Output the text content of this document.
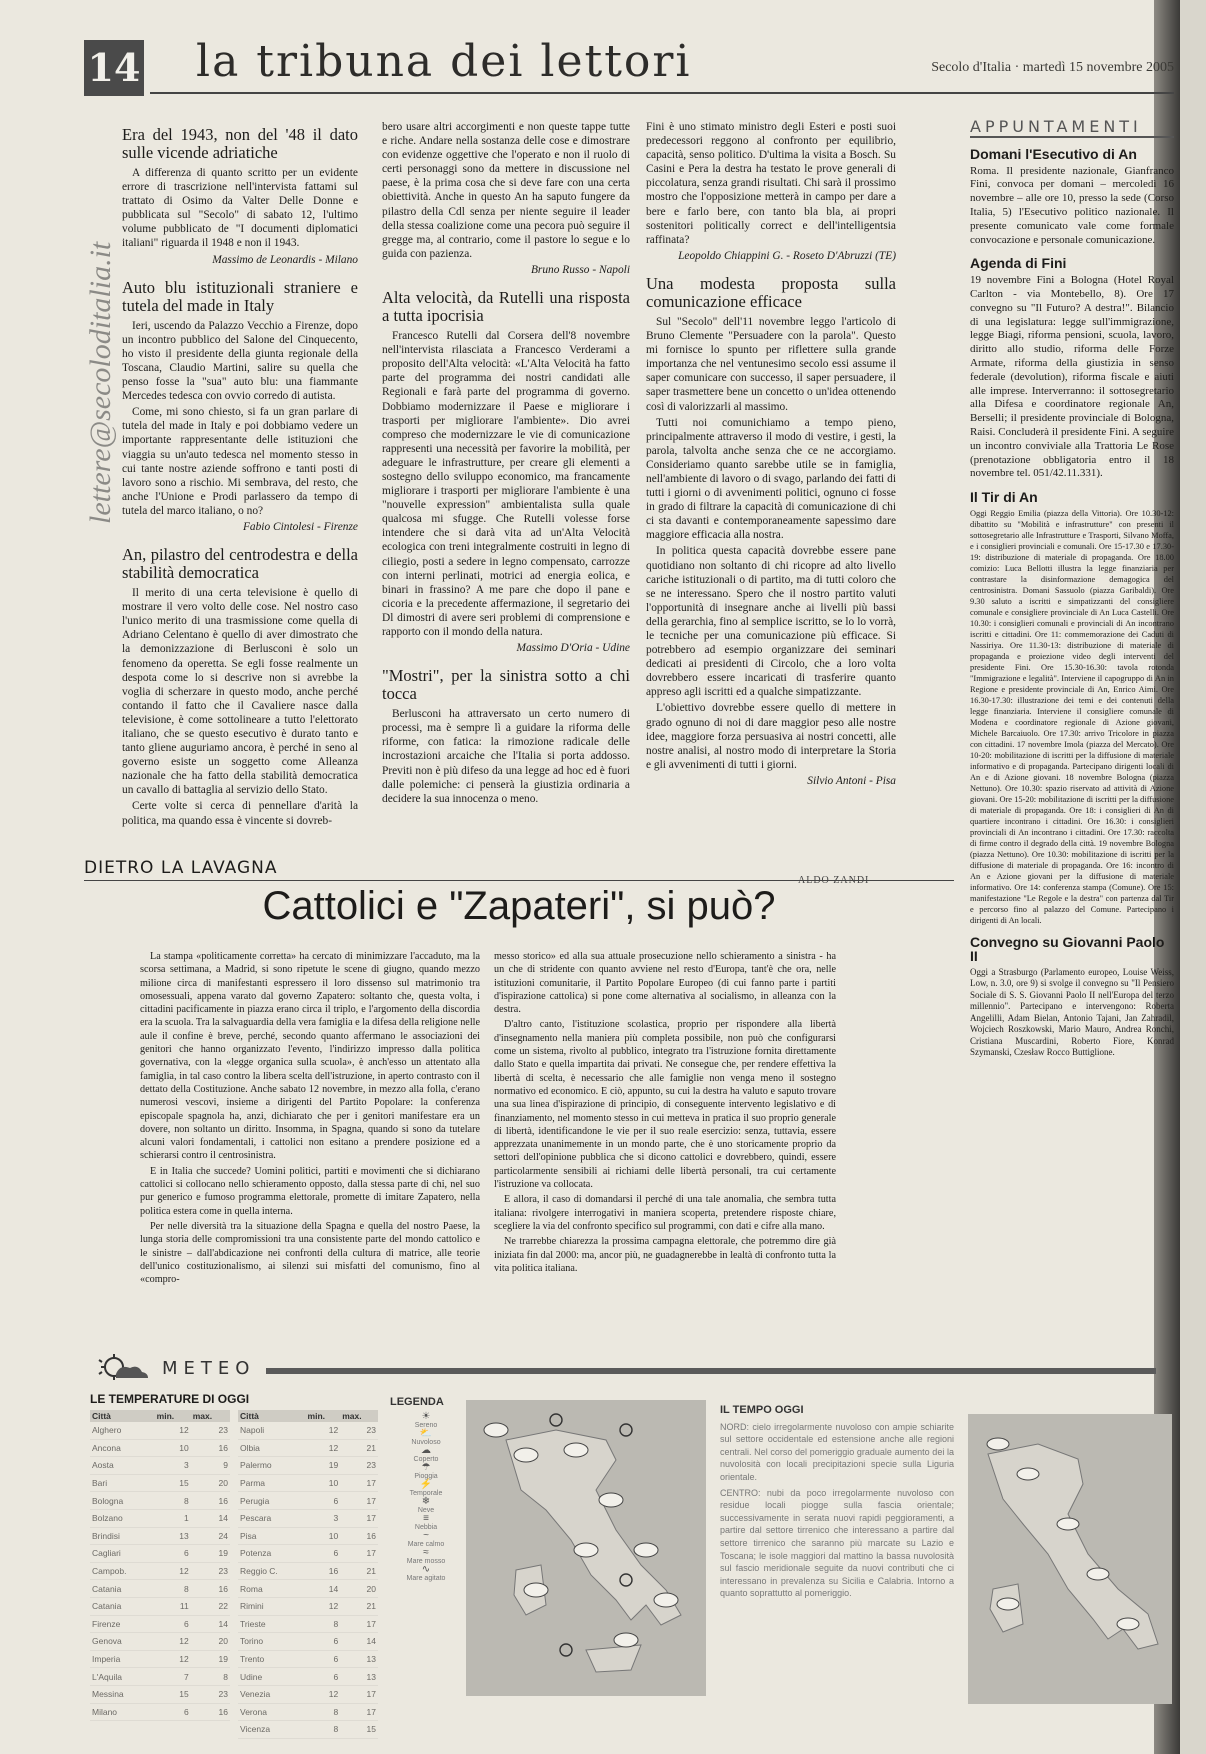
14 la tribuna dei lettori	Secolo d'Italia · martedì 15 novembre 2005
lettere@secoloditalia.it
Era del 1943, non del '48 il dato sulle vicende adriatiche

A differenza di quanto scritto per un evidente errore di trascrizione nell'intervista fattami sul trattato di Osimo da Valter Delle Donne e pubblicata sul "Secolo" di sabato 12, l'ultimo volume pubblicato de "I documenti diplomatici italiani" riguarda il 1948 e non il 1943.

Massimo de Leonardis - Milano
Auto blu istituzionali straniere e tutela del made in Italy

Ieri, uscendo da Palazzo Vecchio a Firenze, dopo un incontro pubblico del Salone del Cinquecento, ho visto il presidente della giunta regionale della Toscana, Claudio Martini, salire su quella che penso fosse la "sua" auto blu: una fiammante Mercedes tedesca con ovvio corredo di autista.

Come, mi sono chiesto, si fa un gran parlare di tutela del made in Italy e poi dobbiamo vedere un importante rappresentante delle istituzioni che viaggia su un'auto tedesca nel momento stesso in cui tante nostre aziende soffrono e tanti posti di lavoro sono a rischio. Mi sembrava, del resto, che anche l'Unione e Prodi parlassero da tempo di tutela del marco italiano, o no?

Fabio Cintolesi - Firenze
An, pilastro del centrodestra e della stabilità democratica

Il merito di una certa televisione è quello di mostrare il vero volto delle cose. Nel nostro caso l'unico merito di una trasmissione come quella di Adriano Celentano è quello di aver dimostrato che la demonizzazione di Berlusconi è solo un fenomeno da operetta. Se egli fosse realmente un despota come lo si descrive non si avrebbe la voglia di scherzare in questo modo, anche perché contando il fatto che il Cavaliere nasce dalla televisione, è come sottolineare a tutto l'elettorato italiano, che se questo esecutivo è durato tanto e tanto gliene auguriamo ancora, è perché in seno al governo esiste un soggetto come Alleanza nazionale che ha fatto della stabilità democratica un cavallo di battaglia al servizio dello Stato.

Certe volte si cerca di pennellare d'arità la politica, ma quando essa è vincente si dovreb-

bero usare altri accorgimenti e non queste tappe tutte e riche. Andare nella sostanza delle cose e dimostrare con evidenze oggettive che l'operato e non il ruolo di certi personaggi sono da mettere in discussione nel paese, è la prima cosa che si deve fare con una certa obiettività. Anche in questo An ha saputo fungere da pilastro della Cdl senza per niente seguire il leader della stessa coalizione come una pecora può seguire il gregge ma, al contrario, come il pastore lo segue e lo guida con pazienza.

Bruno Russo - Napoli
Alta velocità, da Rutelli una risposta a tutta ipocrisia

Francesco Rutelli dal Corsera dell'8 novembre nell'intervista rilasciata a Francesco Verderami a proposito dell'Alta velocità: «L'Alta Velocità ha fatto parte del programma dei nostri candidati alle Regionali e farà parte del programma di governo. Dobbiamo modernizzare il Paese e migliorare i trasporti per migliorare l'ambiente». Dio avrei compreso che modernizzare le vie di comunicazione rappresenti una necessità per favorire la mobilità, per adeguare le infrastrutture, per creare gli elementi a sostegno dello sviluppo economico, ma francamente migliorare i trasporti per migliorare l'ambiente è una "nouvelle expression" ambientalista sulla quale qualcosa mi sfugge. Che Rutelli volesse forse intendere che si darà vita ad un'Alta Velocità ecologica con treni integralmente costruiti in legno di ciliegio, posti a sedere in legno compensato, carrozze con interni perlinati, motrici ad energia eolica, e binari in frassino? A me pare che dopo il pane e cicoria e la precedente affermazione, il segretario dei Dl dimostri di avere seri problemi di comprensione e rapporto con il mondo della natura.

Massimo D'Oria - Udine
"Mostri", per la sinistra sotto a chi tocca

Berlusconi ha attraversato un certo numero di processi, ma è sempre lì a guidare la riforma delle riforme, con fatica: la rimozione radicale delle incrostazioni arcaiche che l'Italia si porta addosso. Previti non è più difeso da una legge ad hoc ed è fuori dalle polemiche: ci penserà la giustizia ordinaria a decidere la sua innocenza o meno.

Fini è uno stimato ministro degli Esteri e posti suoi predecessori reggono al confronto per equilibrio, capacità, senso politico. D'ultima la visita a Bosch. Su Casini e Pera la destra ha testato le prove generali di piccolatura, senza grandi risultati. Chi sarà il prossimo mostro che l'opposizione metterà in campo per dare a bere e farlo bere, con tanto bla bla, ai propri sostenitori politically correct e dell'intelligentsia raffinata?

Leopoldo Chiappini G. - Roseto D'Abruzzi (TE)
Una modesta proposta sulla comunicazione efficace

Sul "Secolo" dell'11 novembre leggo l'articolo di Bruno Clemente "Persuadere con la parola". Questo mi fornisce lo spunto per riflettere sulla grande importanza che nel ventunesimo secolo essi assume il saper comunicare con successo, il saper persuadere, il saper trasmettere bene un concetto o un'idea ottenendo così di valorizzarli al massimo.

Tutti noi comunichiamo a tempo pieno, principalmente attraverso il modo di vestire, i gesti, la parola, talvolta anche senza che ce ne accorgiamo. Consideriamo quanto sarebbe utile se in famiglia, nell'ambiente di lavoro o di svago, parlando dei fatti di tutti i giorni o di avvenimenti politici, ognuno ci fosse in grado di filtrare la capacità di comunicazione di chi ci sta davanti e contemporaneamente sapessimo dare maggiore efficacia alla nostra.

In politica questa capacità dovrebbe essere pane quotidiano non soltanto di chi ricopre ad alto livello cariche istituzionali o di partito, ma di tutti coloro che se ne interessano. Spero che il nostro partito valuti l'opportunità di insegnare anche ai livelli più bassi della gerarchia, fino al semplice iscritto, se lo lo vorrà, le tecniche per una comunicazione più efficace. Si potrebbero ad esempio organizzare dei seminari dedicati ai presidenti di Circolo, che a loro volta dovrebbero essere incaricati di trasferire quanto appreso agli iscritti ed a qualche simpatizzante.

L'obiettivo dovrebbe essere quello di mettere in grado ognuno di noi di dare maggior peso alle nostre idee, maggiore forza persuasiva ai nostri concetti, alle nostre analisi, al nostro modo di interpretare la Storia e gli avvenimenti di tutti i giorni.

Silvio Antoni - Pisa
APPUNTAMENTI
Domani l'Esecutivo di An
Roma. Il presidente nazionale, Gianfranco Fini, convoca per domani – mercoledì 16 novembre – alle ore 10, presso la sede (Corso Italia, 5) l'Esecutivo politico nazionale. Il presente comunicato vale come formale convocazione e personale comunicazione.
Agenda di Fini
19 novembre Fini a Bologna (Hotel Royal Carlton - via Montebello, 8). Ore 17 convegno su "Il Futuro? A destra!". Bilancio di una legislatura: legge sull'immigrazione, legge Biagi, riforma pensioni, scuola, lavoro, diritto allo studio, riforma delle Forze Armate, riforma della giustizia in senso federale (devolution), riforma fiscale e aiuti alle imprese. Interverranno: il sottosegretario alla Difesa e coordinatore regionale An, Berselli; il presidente provinciale di Bologna, Raisi. Concluderà il presidente Fini. A seguire un incontro conviviale alla Trattoria Le Rose (prenotazione obbligatoria entro il 18 novembre tel. 051/42.11.331).
Il Tir di An
Oggi Reggio Emilia (piazza della Vittoria). Ore 10.30-12: dibattito su "Mobilità e infrastrutture" con presenti il sottosegretario alle Infrastrutture e Trasporti, Silvano Moffa, e i consiglieri provinciali e comunali. Ore 15-17.30 e 17.30-19: distribuzione di materiale di propaganda. Ore 18.00 comizio: Luca Bellotti illustra la legge finanziaria per contrastare la disinformazione demagogica del centrosinistra. Domani Sassuolo (piazza Garibaldi). Ore 9.30 saluto a iscritti e simpatizzanti del consigliere comunale e consigliere provinciale di An Luca Castelli. Ore 10.30: i consiglieri comunali e provinciali di An incontrano iscritti e cittadini. Ore 11: commemorazione dei Caduti di Nassiriya. Ore 11.30-13: distribuzione di materiale di propaganda e proiezione video degli interventi del presidente Fini. Ore 15.30-16.30: tavola rotonda "Immigrazione e legalità". Interviene il capogruppo di An in Regione e presidente provinciale di An, Enrico Aimi. Ore 16.30-17.30: illustrazione dei temi e dei contenuti della legge finanziaria. Interviene il consigliere comunale di Modena e coordinatore regionale di Azione giovani, Michele Barcaiuolo. Ore 17.30: arrivo Tricolore in piazza con cittadini. 17 novembre Imola (piazza del Mercato). Ore 10-20: mobilitazione di iscritti per la diffusione di materiale informativo e di propaganda. Partecipano dirigenti locali di An e di Azione giovani. 18 novembre Bologna (piazza Nettuno). Ore 10.30: spazio riservato ad attività di Azione giovani. Ore 15-20: mobilitazione di iscritti per la diffusione di materiale di propaganda. Ore 18: i consiglieri di An di quartiere incontrano i cittadini. Ore 16.30: i consiglieri provinciali di An incontrano i cittadini. Ore 17.30: raccolta di firme contro il degrado della città. 19 novembre Bologna (piazza Nettuno). Ore 10.30: mobilitazione di iscritti per la diffusione di materiale di propaganda. Ore 16: incontro di An e Azione giovani per la diffusione di materiale informativo. Ore 14: conferenza stampa (Comune). Ore 15: manifestazione "Le Regole e la destra" con partenza dal Tir e percorso fino al palazzo del Comune. Partecipano i dirigenti di An locali.
Convegno su Giovanni Paolo II
Oggi a Strasburgo (Parlamento europeo, Louise Weiss, Low, n. 3.0, ore 9) si svolge il convegno su "Il Pensiero Sociale di S. S. Giovanni Paolo II nell'Europa del terzo millennio". Partecipano e intervengono: Roberta Angelilli, Adam Bielan, Antonio Tajani, Jan Zahradil, Wojciech Roszkowski, Mario Mauro, Andrea Ronchi, Cristiana Muscardini, Roberto Fiore, Konrad Szymanski, Czesław Rocco Buttiglione.
DIETRO LA LAVAGNA
Cattolici e "Zapateri", si può?

La stampa «politicamente corretta» ha cercato di minimizzare l'accaduto, ma la scorsa settimana, a Madrid, si sono ripetute le scene di giugno, quando mezzo milione circa di manifestanti espressero il loro dissenso sul matrimonio tra omosessuali, appena varato dal governo Zapatero: soltanto che, questa volta, i cittadini pacificamente in piazza erano circa il triplo, e l'argomento della discordia era la scuola. Tra la salvaguardia della vera famiglia e la difesa della religione nelle aule il confine è breve, perché, secondo quanto affermano le associazioni dei genitori che hanno organizzato l'evento, l'indirizzo impresso dalla politica governativa, con la «legge organica sulla scuola», è anch'esso un attentato alla famiglia, in tal caso contro la libera scelta dell'istruzione, in aperto contrasto con il dettato della Costituzione. Anche sabato 12 novembre, in mezzo alla folla, c'erano numerosi vescovi, insieme a dirigenti del Partito Popolare: la conferenza episcopale spagnola ha, anzi, dichiarato che per i genitori manifestare era un dovere, non soltanto un diritto. Insomma, in Spagna, quando si sono da tutelare alcuni valori fondamentali, i cattolici non esitano a prendere posizione ed a schierarsi contro il centrosinistra.

E in Italia che succede? Uomini politici, partiti e movimenti che si dichiarano cattolici si collocano nello schieramento opposto, dalla stessa parte di chi, nel suo pur generico e fumoso programma elettorale, promette di imitare Zapatero, nella politica estera come in quella interna.

Per nelle diversità tra la situazione della Spagna e quella del nostro Paese, la lunga storia delle compromissioni tra una consistente parte del mondo cattolico e le sinistre – dall'abdicazione nei confronti della cultura di matrice, alle teorie dell'unico costituzionalismo, ai silenzi sui misfatti del comunismo, fino al «compro-

messo storico» ed alla sua attuale prosecuzione nello schieramento a sinistra - ha un che di stridente con quanto avviene nel resto d'Europa, tant'è che ora, nelle istituzioni comunitarie, il Partito Popolare Europeo (di cui fanno parte i partiti d'ispirazione cattolica) si pone come alternativa al socialismo, in alleanza con la destra.

D'altro canto, l'istituzione scolastica, proprio per rispondere alla libertà d'insegnamento nella maniera più completa possibile, non può che configurarsi come un sistema, rivolto al pubblico, integrato tra l'istruzione fornita direttamente dallo Stato e quella impartita dai privati. Ne consegue che, per rendere effettiva la libertà di scelta, è necessario che alle famiglie non venga meno il sostegno normativo ed economico. E ciò, appunto, su cui la destra ha valuto e saputo trovare una sua linea d'ispirazione di principio, di conseguente intervento legislativo e di finanziamento, nel momento stesso in cui metteva in pratica il suo proprio generale di libertà, identificandone le vie per il suo reale esercizio: senza, tuttavia, essere apprezzata unanimemente in un mondo parte, che è uno storicamente proprio da settori dell'opinione pubblica che si dicono cattolici e dovrebbero, quindi, essere particolarmente sensibili ai richiami delle libertà personali, tra cui certamente l'istruzione va collocata.

E allora, il caso di domandarsi il perché di una tale anomalia, che sembra tutta italiana: rivolgere interrogativi in maniera scoperta, pretendere risposte chiare, scegliere la via del confronto specifico sul programmi, con dati e cifre alla mano.

Ne trarrebbe chiarezza la prossima campagna elettorale, che potremmo dire già iniziata fin dal 2000: ma, ancor più, ne guadagnerebbe in lealtà di confronto tutta la vita politica italiana.

METEO
LE TEMPERATURE DI OGGI
Città	min.	max.
Alghero	12	23
Ancona	10	16
Aosta	3	9
Bari	15	20
Bologna	8	16
Bolzano	1	14
Brindisi	13	24
Cagliari	6	19
Campob.	12	23
Catania	8	16
Catania	11	22
Firenze	6	14
Genova	12	20
Imperia	12	19
L'Aquila	7	8
Messina	15	23
Milano	6	16
Città	min.	max.
Napoli	12	23
Olbia	12	21
Palermo	19	23
Parma	10	17
Perugia	6	17
Pescara	3	17
Pisa	10	16
Potenza	6	17
Reggio C.	16	21
Roma	14	20
Rimini	12	21
Trieste	8	17
Torino	6	14
Trento	6	13
Udine	6	13
Venezia	12	17
Verona	8	17
Vicenza	8	15
LEGENDA
☀
Sereno
⛅
Nuvoloso
☁
Coperto
☂
Pioggia
⚡
Temporale
❄
Neve
≡
Nebbia
~
Mare calmo
≈
Mare mosso
∿
Mare agitato
IL TEMPO OGGI

NORD: cielo irregolarmente nuvoloso con ampie schiarite sul settore occidentale ed estensione anche alle regioni centrali. Nel corso del pomeriggio graduale aumento dei la nuvolosità con locali precipitazioni specie sulla Liguria orientale.

CENTRO: nubi da poco irregolarmente nuvoloso con residue locali piogge sulla fascia orientale; successivamente in serata nuovi rapidi peggioramenti, a partire dal settore tirrenico che interessano a partire dal settore tirrenico che saranno più marcate su Lazio e Toscana; le isole maggiori dal mattino la bassa nuvolosità sul fascio meridionale seguite da nuovi contributi che ci interessano in prevalenza su Sicilia e Calabria. Intorno a quanto soprattutto al pomeriggio.
